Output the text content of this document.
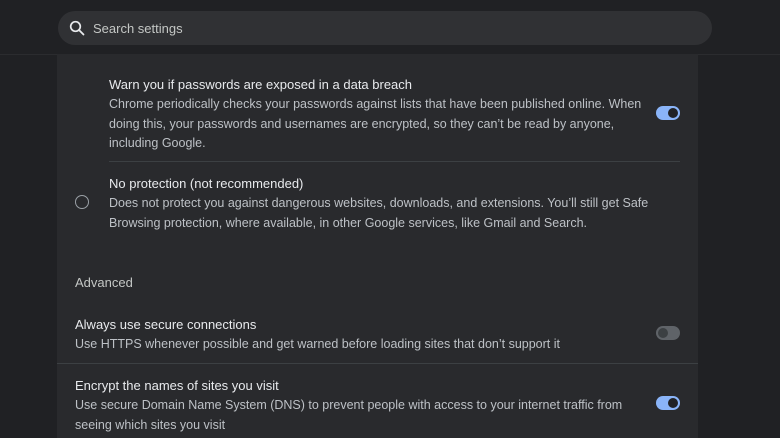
Search settings
Warn you if passwords are exposed in a data breach
Chrome periodically checks your passwords against lists that have been published online. When
doing this, your passwords and usernames are encrypted, so they can’t be read by anyone,
including Google.
No protection (not recommended)
Does not protect you against dangerous websites, downloads, and extensions. You’ll still get Safe
Browsing protection, where available, in other Google services, like Gmail and Search.
Advanced
Always use secure connections
Use HTTPS whenever possible and get warned before loading sites that don’t support it
Encrypt the names of sites you visit
Use secure Domain Name System (DNS) to prevent people with access to your internet traffic from
seeing which sites you visit
